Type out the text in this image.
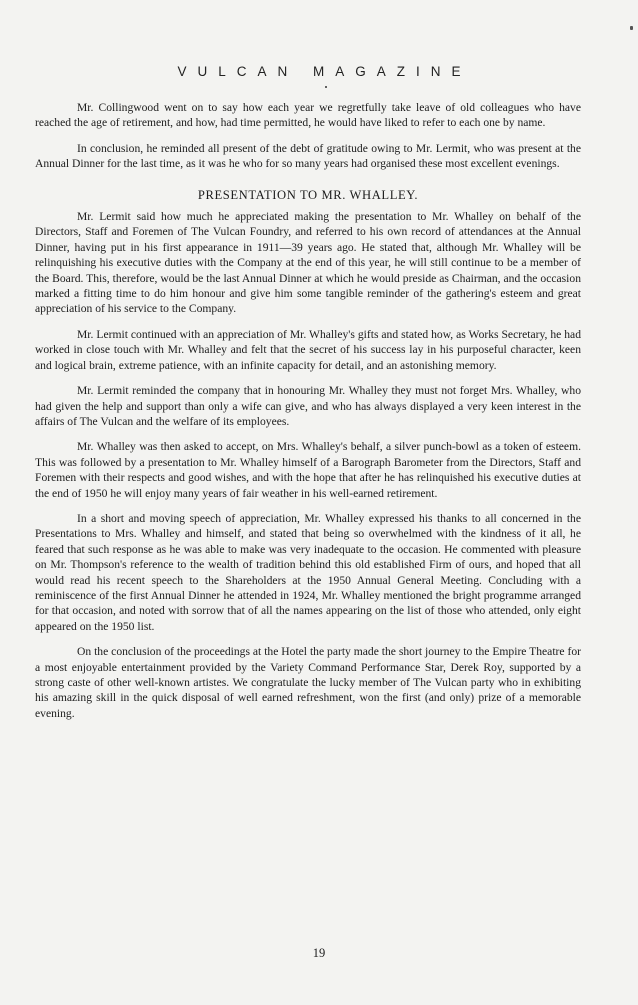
VULCAN MAGAZINE

Mr. Collingwood went on to say how each year we regretfully take leave of old colleagues who have reached the age of retirement, and how, had time permitted, he would have liked to refer to each one by name.

In conclusion, he reminded all present of the debt of gratitude owing to Mr. Lermit, who was present at the Annual Dinner for the last time, as it was he who for so many years had organised these most excellent evenings.

PRESENTATION TO MR. WHALLEY.

Mr. Lermit said how much he appreciated making the presentation to Mr. Whalley on behalf of the Directors, Staff and Foremen of The Vulcan Foundry, and referred to his own record of attendances at the Annual Dinner, having put in his first appearance in 1911—39 years ago. He stated that, although Mr. Whalley will be relinquishing his executive duties with the Company at the end of this year, he will still continue to be a member of the Board. This, therefore, would be the last Annual Dinner at which he would preside as Chairman, and the occasion marked a fitting time to do him honour and give him some tangible reminder of the gathering's esteem and great appreciation of his service to the Company.

Mr. Lermit continued with an appreciation of Mr. Whalley's gifts and stated how, as Works Secretary, he had worked in close touch with Mr. Whalley and felt that the secret of his success lay in his purposeful character, keen and logical brain, extreme patience, with an infinite capacity for detail, and an astonishing memory.

Mr. Lermit reminded the company that in honouring Mr. Whalley they must not forget Mrs. Whalley, who had given the help and support than only a wife can give, and who has always displayed a very keen interest in the affairs of The Vulcan and the welfare of its employees.

Mr. Whalley was then asked to accept, on Mrs. Whalley's behalf, a silver punch-bowl as a token of esteem. This was followed by a presentation to Mr. Whalley himself of a Barograph Barometer from the Directors, Staff and Foremen with their respects and good wishes, and with the hope that after he has relinquished his executive duties at the end of 1950 he will enjoy many years of fair weather in his well-earned retirement.

In a short and moving speech of appreciation, Mr. Whalley expressed his thanks to all concerned in the Presentations to Mrs. Whalley and himself, and stated that being so overwhelmed with the kindness of it all, he feared that such response as he was able to make was very inadequate to the occasion. He commented with pleasure on Mr. Thompson's reference to the wealth of tradition behind this old established Firm of ours, and hoped that all would read his recent speech to the Shareholders at the 1950 Annual General Meeting. Concluding with a reminiscence of the first Annual Dinner he attended in 1924, Mr. Whalley mentioned the bright programme arranged for that occasion, and noted with sorrow that of all the names appearing on the list of those who attended, only eight appeared on the 1950 list.

On the conclusion of the proceedings at the Hotel the party made the short journey to the Empire Theatre for a most enjoyable entertainment provided by the Variety Command Performance Star, Derek Roy, supported by a strong caste of other well-known artistes. We congratulate the lucky member of The Vulcan party who in exhibiting his amazing skill in the quick disposal of well earned refreshment, won the first (and only) prize of a memorable evening.

19
